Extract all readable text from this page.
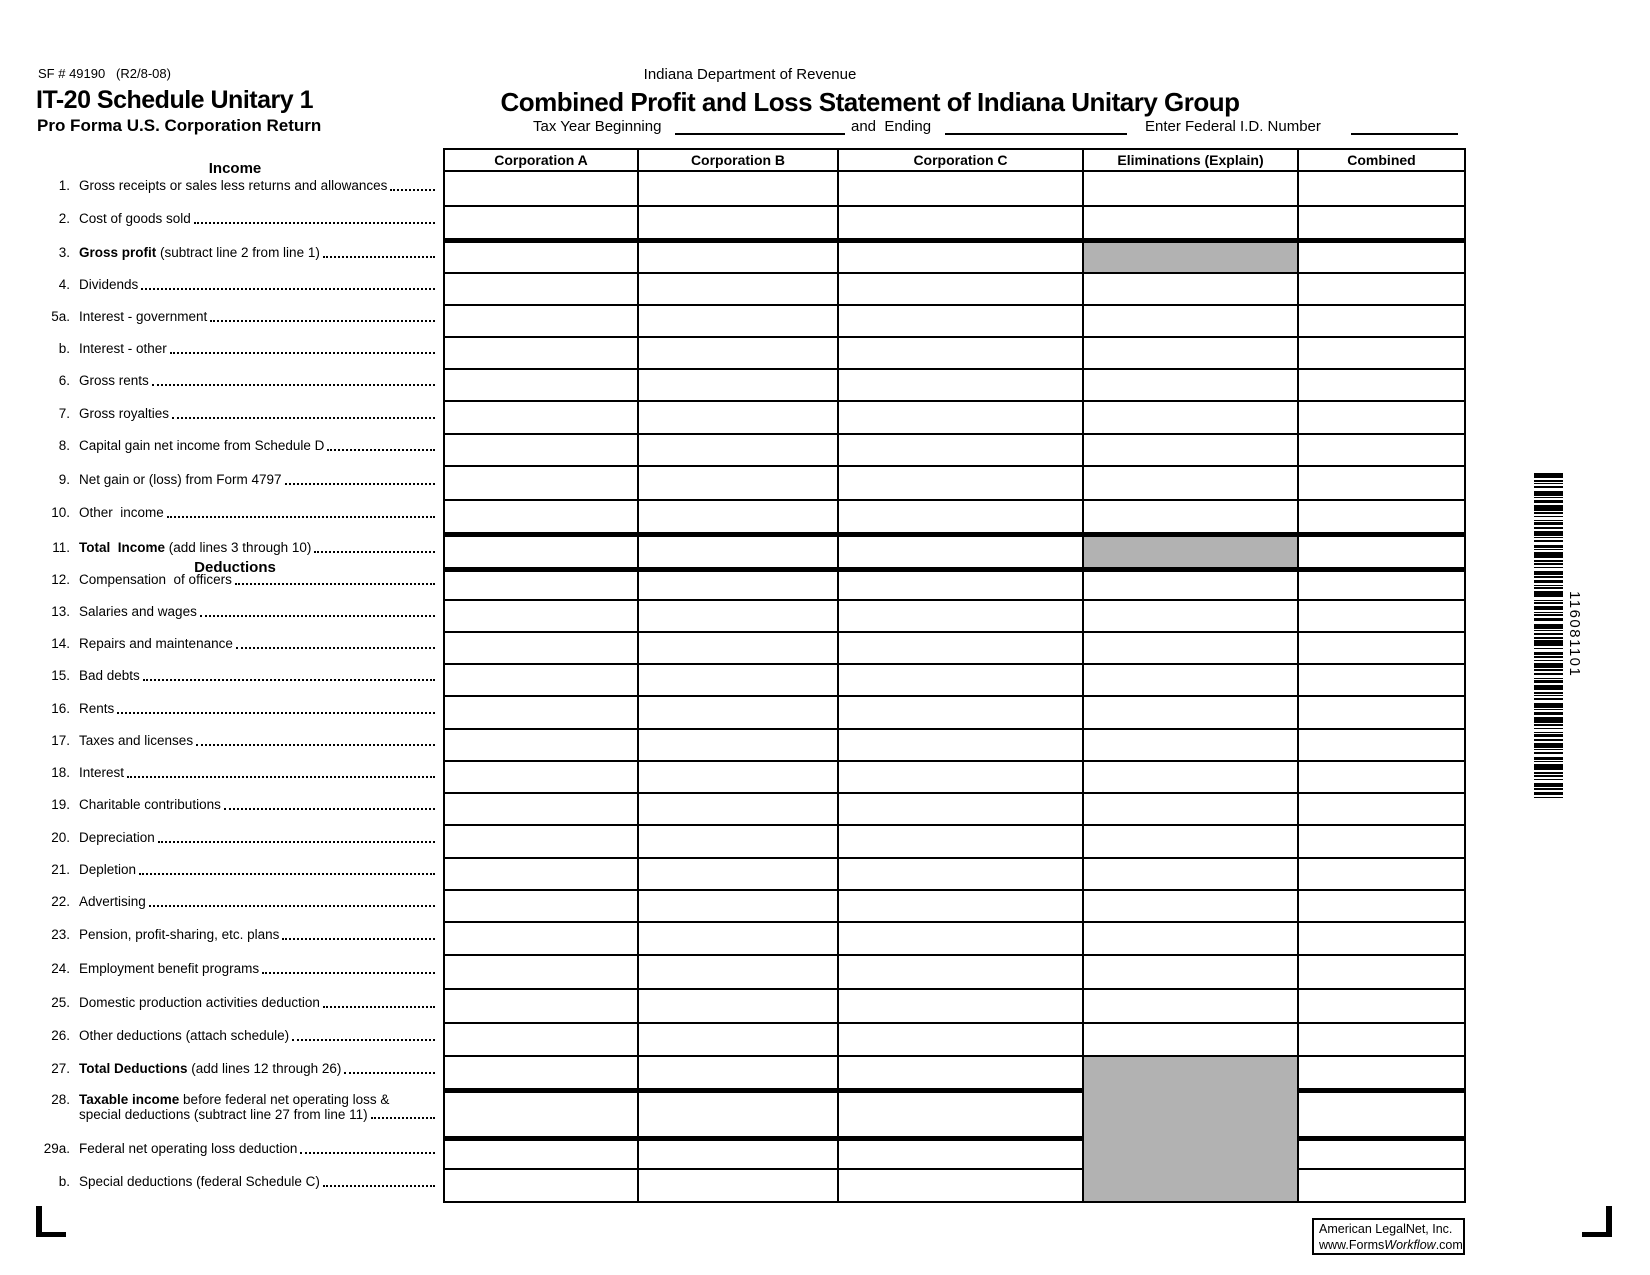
SF # 49190   (R2/8-08)
IT-20 Schedule Unitary 1
Pro Forma U.S. Corporation Return
Indiana Department of Revenue
Combined Profit and Loss Statement of Indiana Unitary Group
Tax Year Beginning	and  Ending	Enter Federal I.D. Number
Income
Deductions
1. Gross receipts or sales less returns and allowances
2. Cost of goods sold
3. Gross profit (subtract line 2 from line 1)
4. Dividends
5a. Interest - government
b. Interest - other
6. Gross rents
7. Gross royalties
8. Capital gain net income from Schedule D
9. Net gain or (loss) from Form 4797
10. Other  income
11. Total  Income (add lines 3 through 10)
12. Compensation  of officers
13. Salaries and wages
14. Repairs and maintenance
15. Bad debts
16. Rents
17. Taxes and licenses
18. Interest
19. Charitable contributions
20. Depreciation
21. Depletion
22. Advertising
23. Pension, profit-sharing, etc. plans
24. Employment benefit programs
25. Domestic production activities deduction
26. Other deductions (attach schedule)
27. Total Deductions (add lines 12 through 26)
28. Taxable income before federal net operating loss &
special deductions (subtract line 27 from line 11)
29a. Federal net operating loss deduction
b. Special deductions (federal Schedule C)
Corporation A	Corporation B	Corporation C	Eliminations (Explain)	Combined
116081101
American LegalNet, Inc.
www.FormsWorkflow.com
